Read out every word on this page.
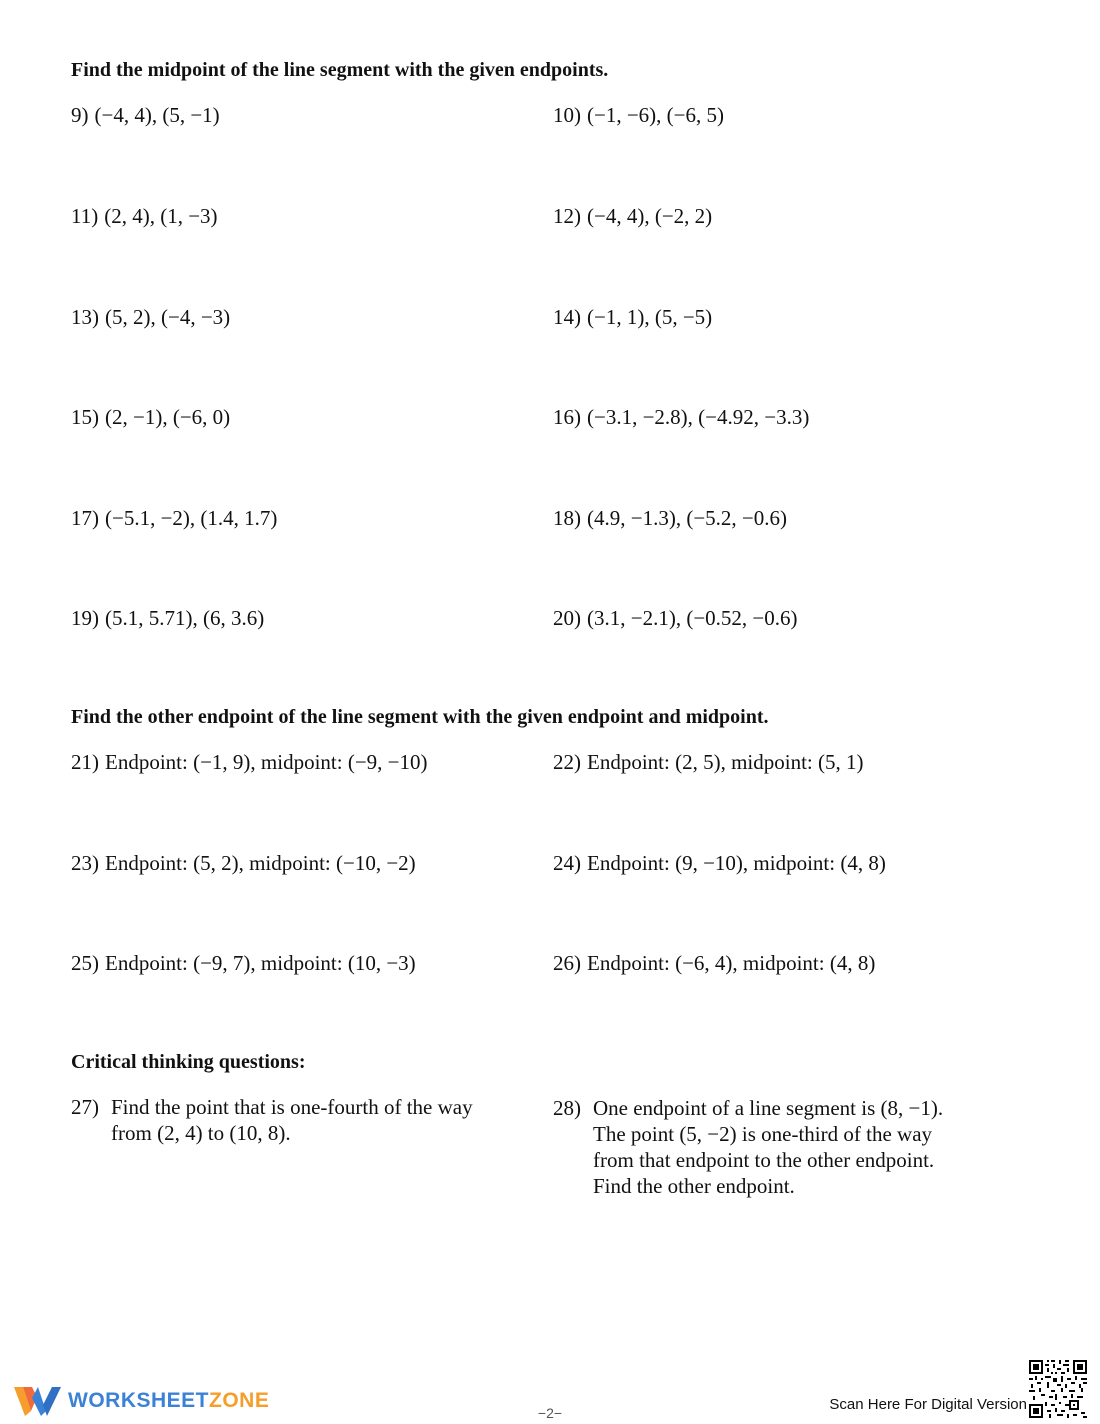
Find the midpoint of the line segment with the given endpoints.
9) (−4, 4), (5, −1)	10) (−1, −6), (−6, 5)
11) (2, 4), (1, −3)	12) (−4, 4), (−2, 2)
13) (5, 2), (−4, −3)	14) (−1, 1), (5, −5)
15) (2, −1), (−6, 0)	16) (−3.1, −2.8), (−4.92, −3.3)
17) (−5.1, −2), (1.4, 1.7)	18) (4.9, −1.3), (−5.2, −0.6)
19) (5.1, 5.71), (6, 3.6)	20) (3.1, −2.1), (−0.52, −0.6)
Find the other endpoint of the line segment with the given endpoint and midpoint.
21) Endpoint: (−1, 9), midpoint: (−9, −10)	22) Endpoint: (2, 5), midpoint: (5, 1)
23) Endpoint: (5, 2), midpoint: (−10, −2)	24) Endpoint: (9, −10), midpoint: (4, 8)
25) Endpoint: (−9, 7), midpoint: (10, −3)	26) Endpoint: (−6, 4), midpoint: (4, 8)
Critical thinking questions:
27) Find the point that is one-fourth of the way
from (2, 4) to (10, 8).
28) One endpoint of a line segment is (8, −1).
The point (5, −2) is one-third of the way
from that endpoint to the other endpoint.
Find the other endpoint.
WORKSHEETZONE
−2−	Scan Here For Digital Version
